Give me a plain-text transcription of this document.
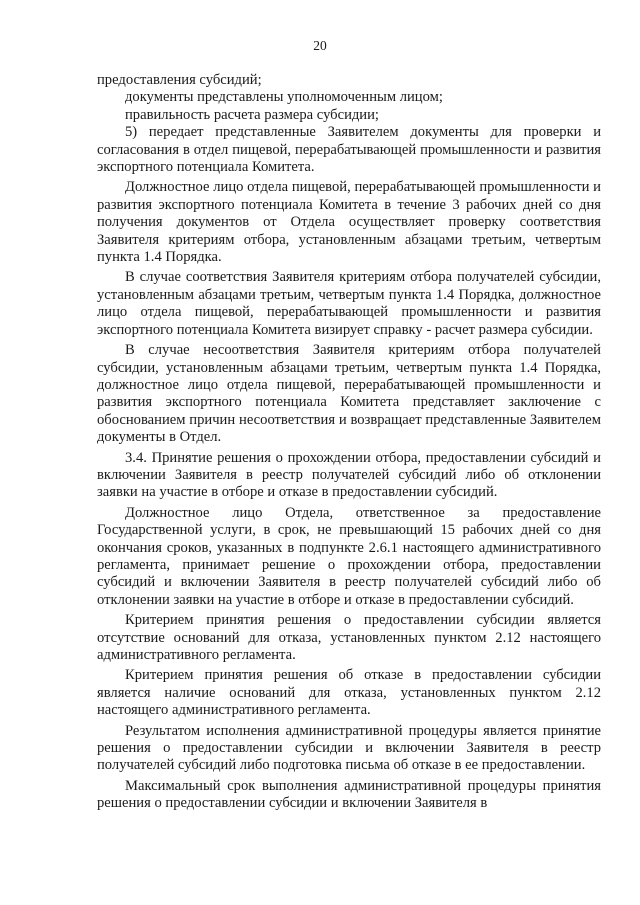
20

предоставления субсидий;

документы представлены уполномоченным лицом;

правильность расчета размера субсидии;

5) передает представленные Заявителем документы для проверки и согласования в отдел пищевой, перерабатывающей промышленности и развития экспортного потенциала Комитета.

Должностное лицо отдела пищевой, перерабатывающей промышленности и развития экспортного потенциала Комитета в течение 3 рабочих дней со дня получения документов от Отдела осуществляет проверку соответствия Заявителя критериям отбора, установленным абзацами третьим, четвертым пункта 1.4 Порядка.

В случае соответствия Заявителя критериям отбора получателей субсидии, установленным абзацами третьим, четвертым пункта 1.4 Порядка, должностное лицо отдела пищевой, перерабатывающей промышленности и развития экспортного потенциала Комитета визирует справку - расчет размера субсидии.

В случае несоответствия Заявителя критериям отбора получателей субсидии, установленным абзацами третьим, четвертым пункта 1.4 Порядка, должностное лицо отдела пищевой, перерабатывающей промышленности и развития экспортного потенциала Комитета представляет заключение с обоснованием причин несоответствия и возвращает представленные Заявителем документы в Отдел.

3.4. Принятие решения о прохождении отбора, предоставлении субсидий и включении Заявителя в реестр получателей субсидий либо об отклонении заявки на участие в отборе и отказе в предоставлении субсидий.

Должностное лицо Отдела, ответственное за предоставление Государственной услуги, в срок, не превышающий 15 рабочих дней со дня окончания сроков, указанных в подпункте 2.6.1 настоящего административного регламента, принимает решение о прохождении отбора, предоставлении субсидий и включении Заявителя в реестр получателей субсидий либо об отклонении заявки на участие в отборе и отказе в предоставлении субсидий.

Критерием принятия решения о предоставлении субсидии является отсутствие оснований для отказа, установленных пунктом 2.12 настоящего административного регламента.

Критерием принятия решения об отказе в предоставлении субсидии является наличие оснований для отказа, установленных пунктом 2.12 настоящего административного регламента.

Результатом исполнения административной процедуры является принятие решения о предоставлении субсидии и включении Заявителя в реестр получателей субсидий либо подготовка письма об отказе в ее предоставлении.

Максимальный срок выполнения административной процедуры принятия решения о предоставлении субсидии и включении Заявителя в
